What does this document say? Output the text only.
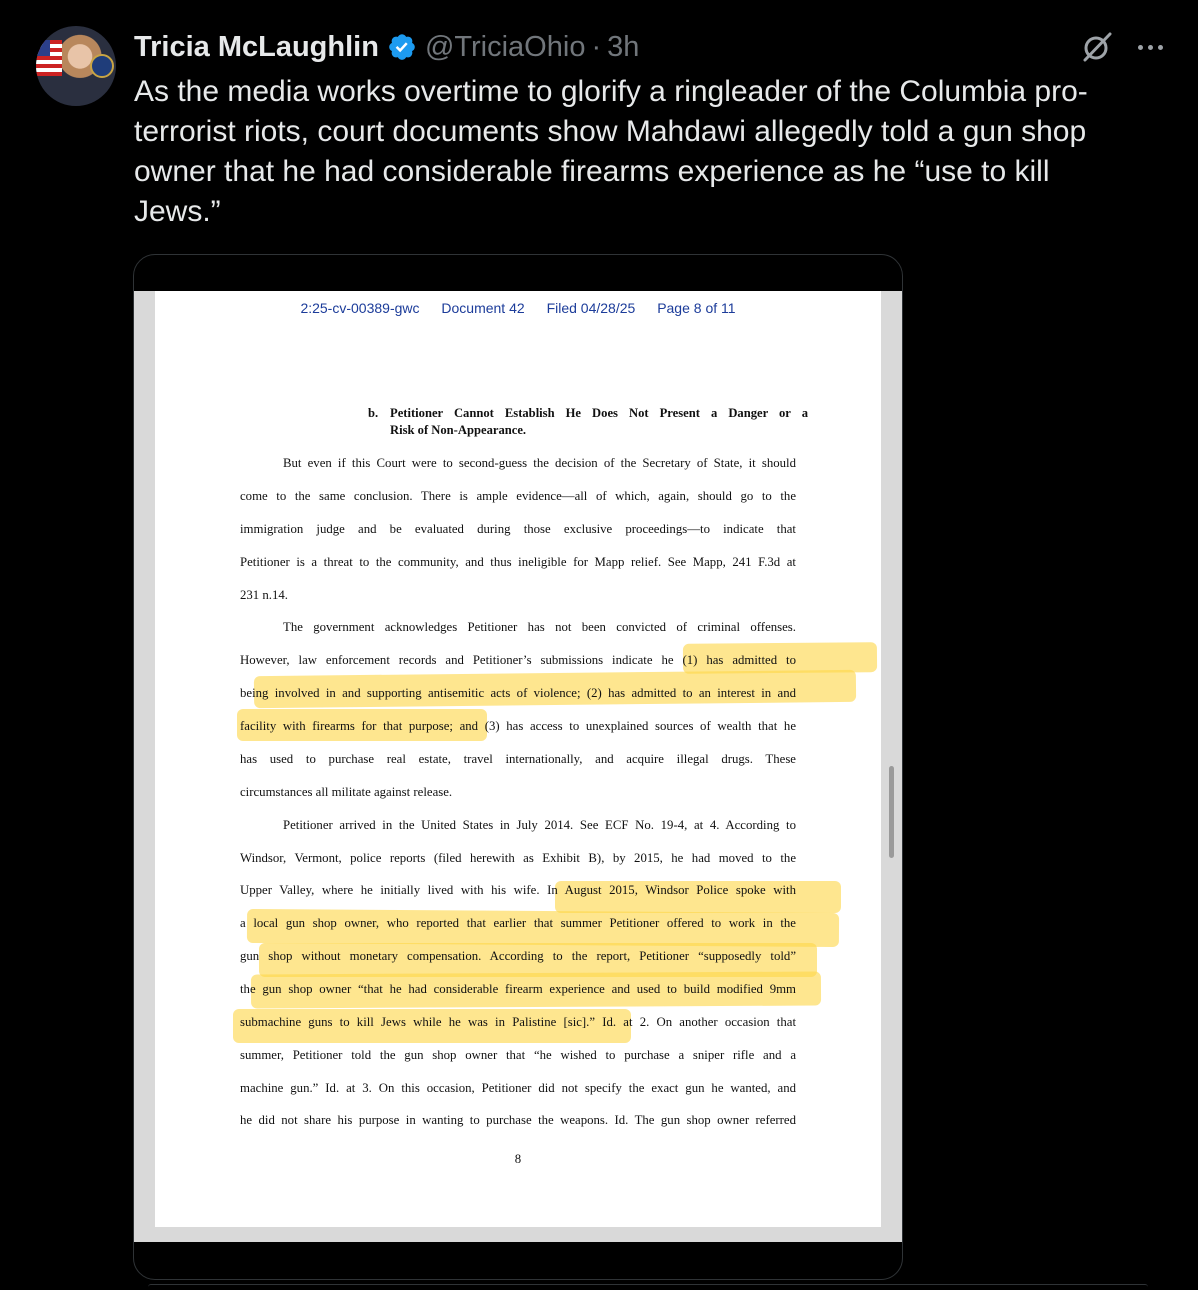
Tricia McLaughlin @TriciaOhio · 3h

As the media works overtime to glorify a ringleader of the Columbia pro-terrorist riots, court documents show Mahdawi allegedly told a gun shop owner that he had considerable firearms experience as he “use to kill Jews.”

2:25-cv-00389-gwc Document 42 Filed 04/28/25 Page 8 of 11
b. Petitioner Cannot Establish He Does Not Present a Danger or a
Risk of Non-Appearance.

But even if this Court were to second-guess the decision of the Secretary of State, it should

come to the same conclusion. There is ample evidence—all of which, again, should go to the

immigration judge and be evaluated during those exclusive proceedings—to indicate that

Petitioner is a threat to the community, and thus ineligible for Mapp relief. See Mapp, 241 F.3d at

231 n.14.

The government acknowledges Petitioner has not been convicted of criminal offenses.

However, law enforcement records and Petitioner’s submissions indicate he (1) has admitted to

being involved in and supporting antisemitic acts of violence; (2) has admitted to an interest in and

facility with firearms for that purpose; and (3) has access to unexplained sources of wealth that he

has used to purchase real estate, travel internationally, and acquire illegal drugs. These

circumstances all militate against release.

Petitioner arrived in the United States in July 2014. See ECF No. 19-4, at 4. According to

Windsor, Vermont, police reports (filed herewith as Exhibit B), by 2015, he had moved to the

Upper Valley, where he initially lived with his wife. In August 2015, Windsor Police spoke with

a local gun shop owner, who reported that earlier that summer Petitioner offered to work in the

gun shop without monetary compensation. According to the report, Petitioner “supposedly told”

the gun shop owner “that he had considerable firearm experience and used to build modified 9mm

submachine guns to kill Jews while he was in Palistine [sic].” Id. at 2. On another occasion that

summer, Petitioner told the gun shop owner that “he wished to purchase a sniper rifle and a

machine gun.” Id. at 3. On this occasion, Petitioner did not specify the exact gun he wanted, and

he did not share his purpose in wanting to purchase the weapons. Id. The gun shop owner referred

8
